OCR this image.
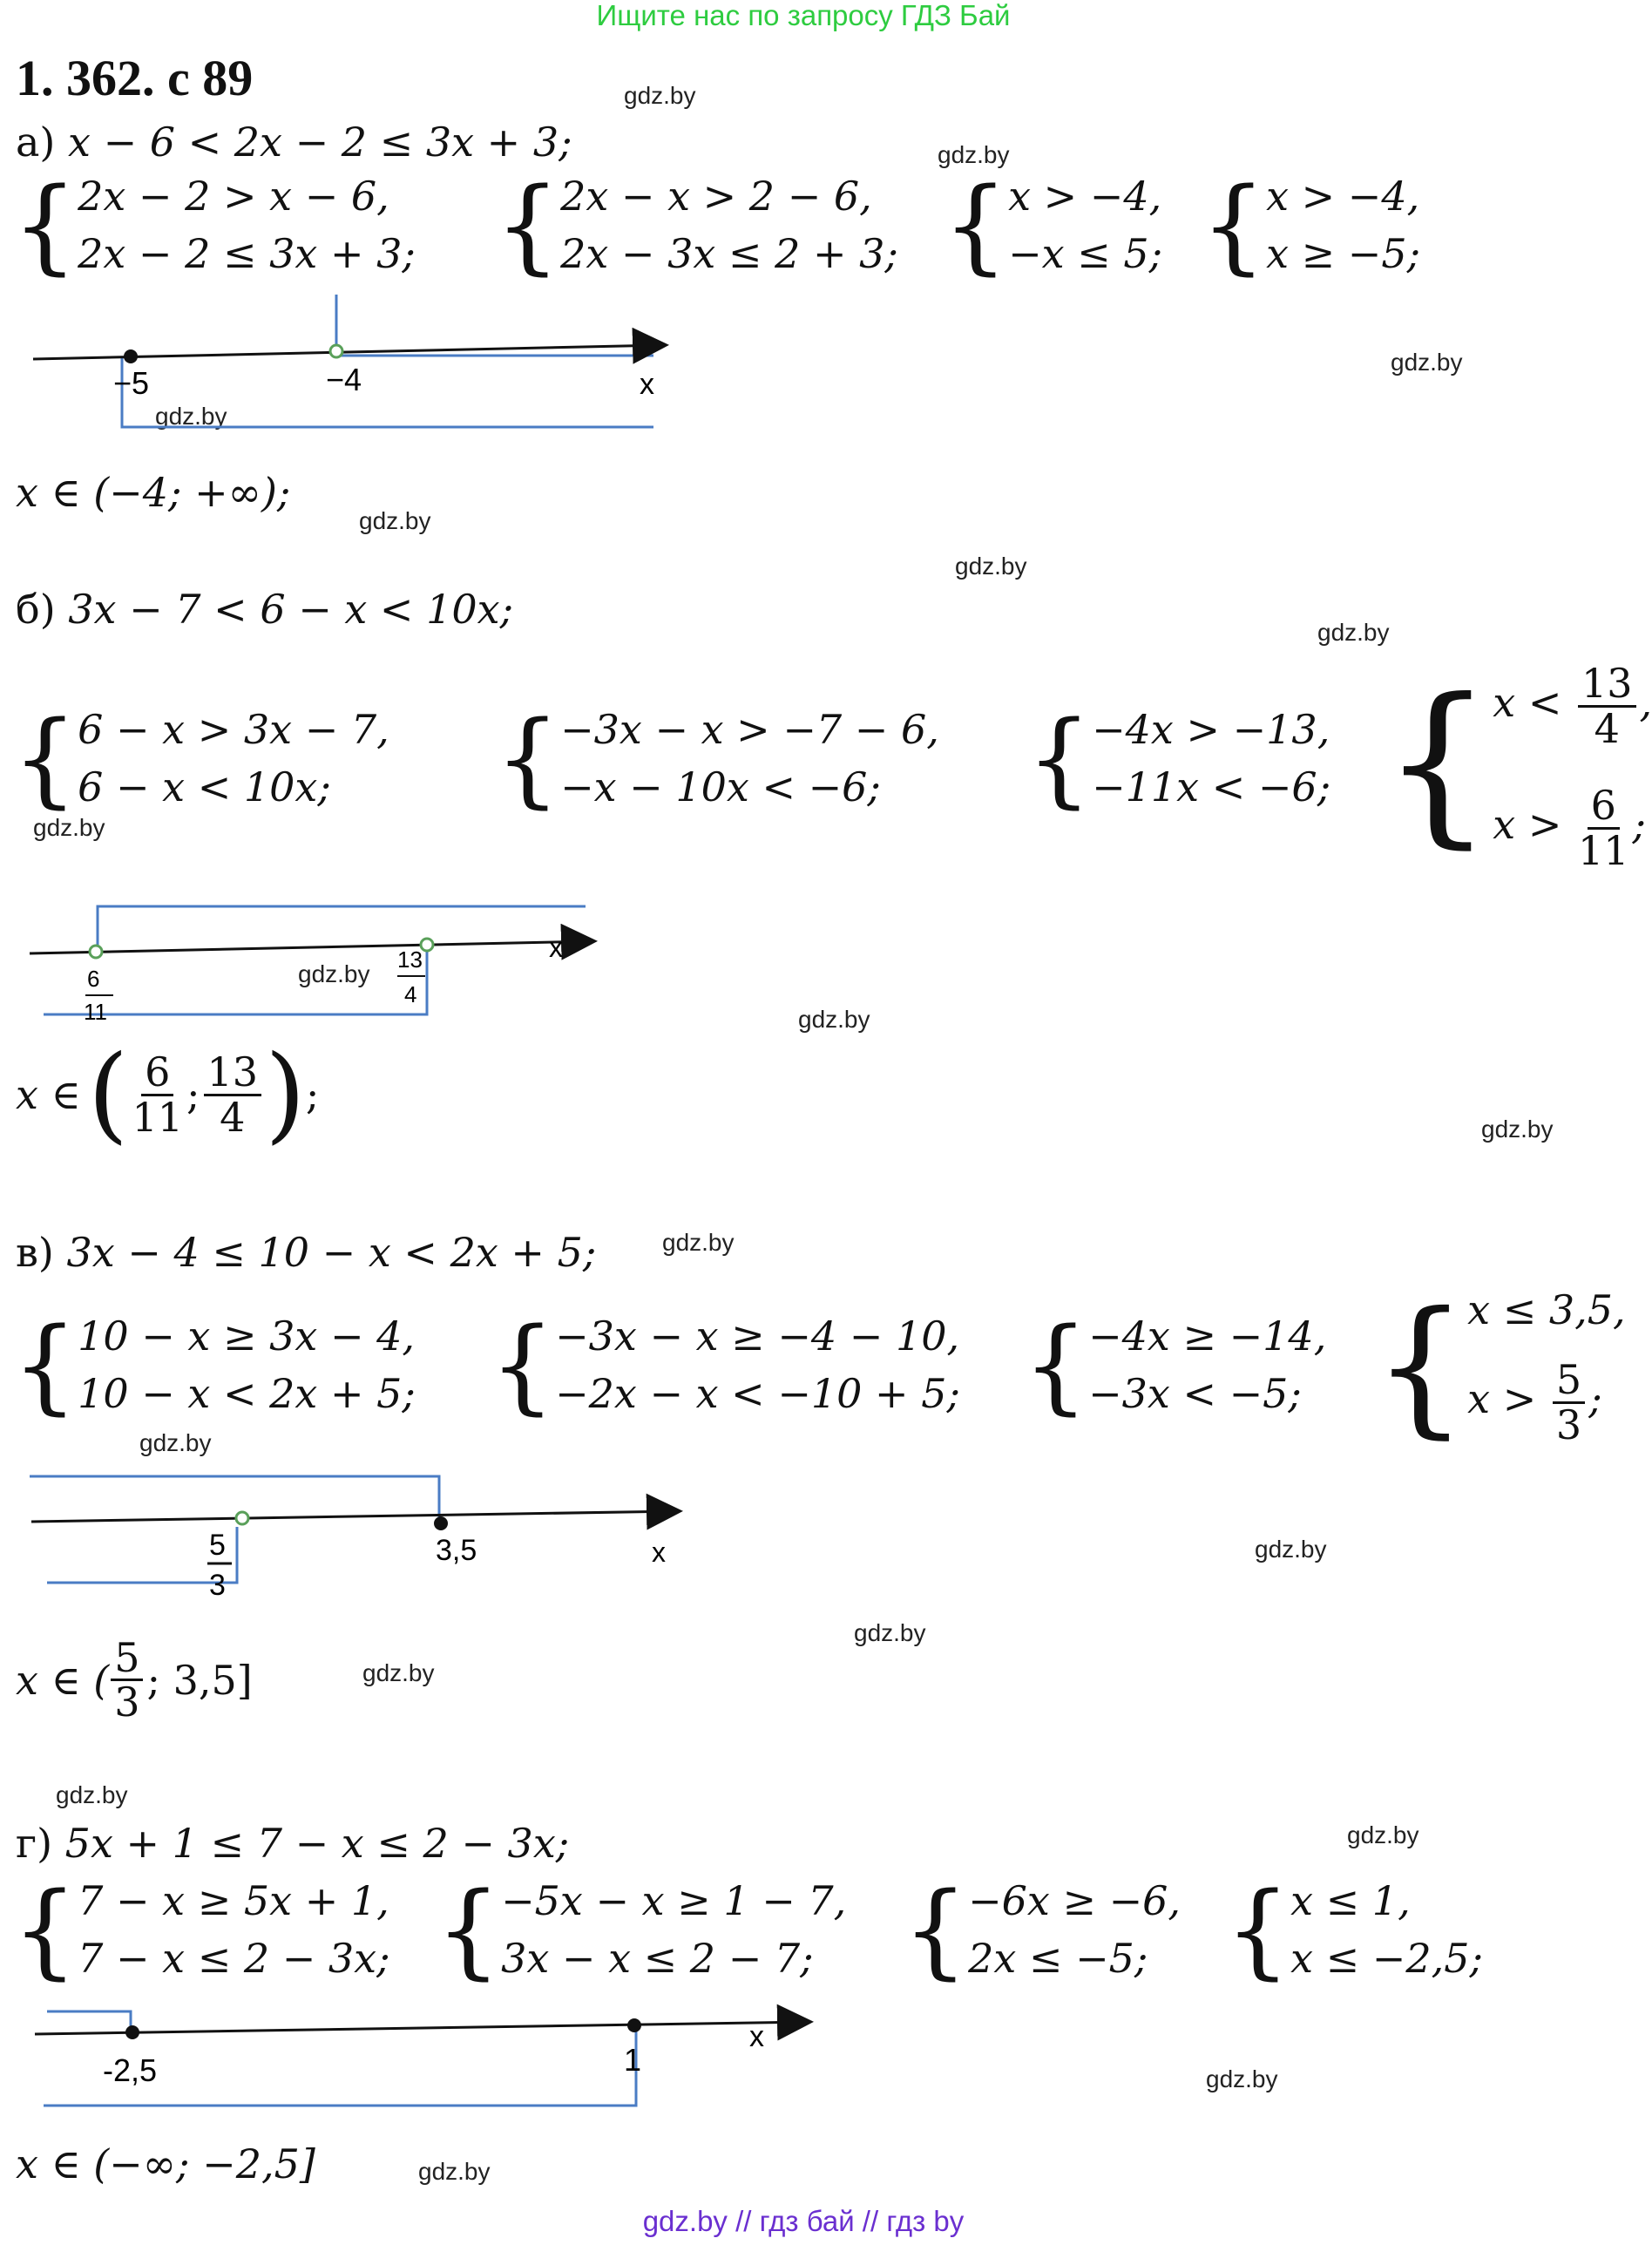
Ищите нас по запросу ГДЗ Бай
1. 362. с 89	gdz.by
gdz.by
gdz.by
gdz.by
gdz.by
gdz.by
gdz.by
gdz.by
gdz.by
gdz.by
gdz.by
gdz.by
gdz.by
gdz.by
gdz.by
gdz.by
gdz.by
gdz.by
gdz.by
gdz.by
а) x − 6 < 2x − 2 ≤ 3x + 3;
{ 2x − 2 > x − 6,
2x − 2 ≤ 3x + 3; { 2x − x > 2 − 6,
2x − 3x ≤ 2 + 3; { x > −4,
−x ≤ 5; { x > −4,
x ≥ −5;
−5	−4	x
x ∈ (−4; +∞);
б) 3x − 7 < 6 − x < 10x;
{ 6 − x > 3x − 7,
6 − x < 10x;	{ −3x − x > −7 − 6,
−x − 10x < −6;	{ −4x > −13,
−11x < −6; { $x < \frac{13}{4}$ ,
$x > \frac{6}{11}$ ;
6
11
13
4
x
x ∈ ( $\frac{6}{11}$ ; $\frac{13}{4}$ ) ;
в) 3x − 4 ≤ 10 − x < 2x + 5;
{ 10 − x ≥ 3x − 4,
10 − x < 2x + 5; { −3x − x ≥ −4 − 10,
−2x − x < −10 + 5; { −4x ≥ −14,
−3x < −5; { x ≤ 3,5,
$x > \frac{5}{3}$ ;
5
3
3,5	x
x ∈ ( $\frac{5}{3}$ ; 3,5]
г) 5x + 1 ≤ 7 − x ≤ 2 − 3x;
{ 7 − x ≥ 5x + 1,
7 − x ≤ 2 − 3x; { −5x − x ≥ 1 − 7,
3x − x ≤ 2 − 7; { −6x ≥ −6,
2x ≤ −5; { x ≤ 1,
x ≤ −2,5;
-2,5	1
x
x ∈ (−∞; −2,5]
gdz.by // гдз бай // гдз by
